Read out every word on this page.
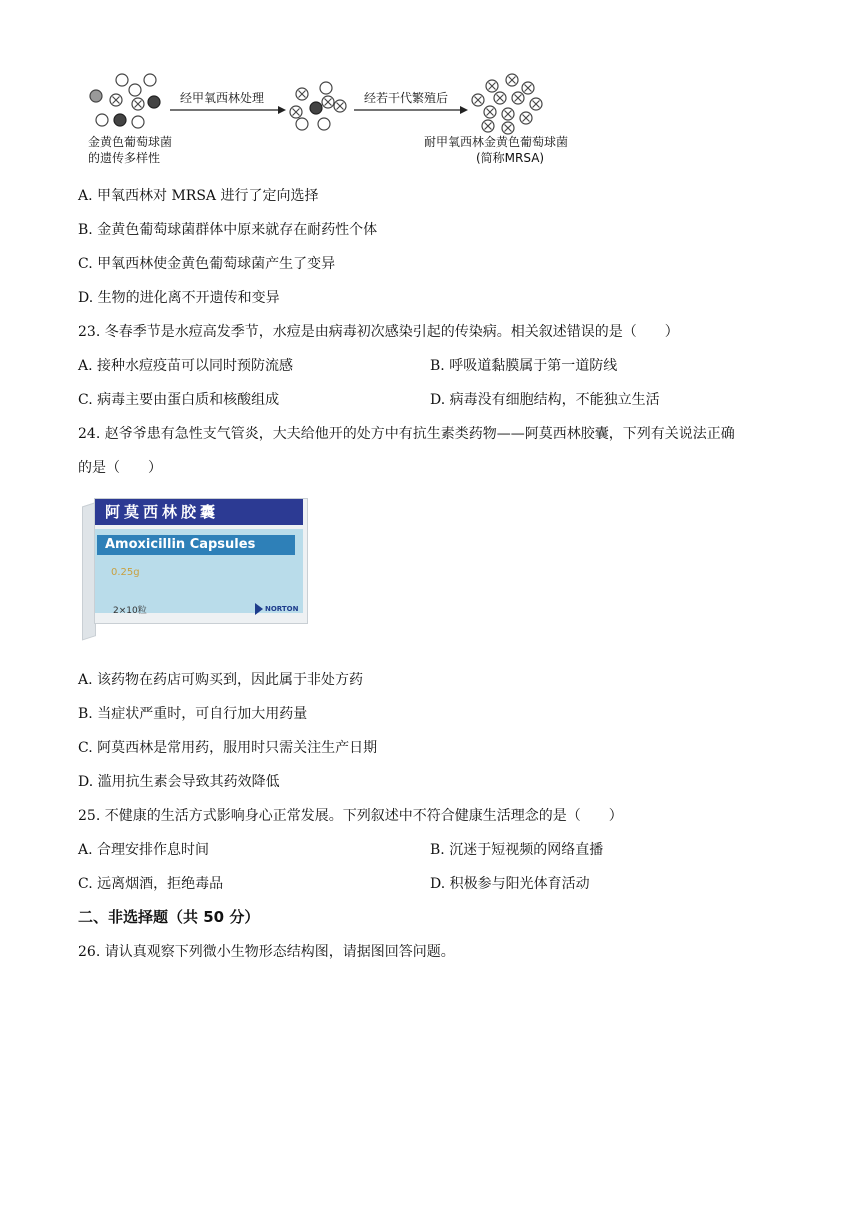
经甲氧西林处理	经若干代繁殖后
金黄色葡萄球菌
的遗传多样性
耐甲氧西林金黄色葡萄球菌
(简称MRSA)
A. 甲氧西林对 MRSA 进行了定向选择
B. 金黄色葡萄球菌群体中原来就存在耐药性个体
C. 甲氧西林使金黄色葡萄球菌产生了变异
D. 生物的进化离不开遗传和变异
23. 冬春季节是水痘高发季节，水痘是由病毒初次感染引起的传染病。相关叙述错误的是（　　）
A. 接种水痘疫苗可以同时预防流感	B. 呼吸道黏膜属于第一道防线
C. 病毒主要由蛋白质和核酸组成	D. 病毒没有细胞结构，不能独立生活
24. 赵爷爷患有急性支气管炎，大夫给他开的处方中有抗生素类药物——阿莫西林胶囊，下列有关说法正确
的是（　　）
阿莫西林胶囊
Amoxicillin Capsules
0.25g
2×10粒	NORTON
A. 该药物在药店可购买到，因此属于非处方药
B. 当症状严重时，可自行加大用药量
C. 阿莫西林是常用药，服用时只需关注生产日期
D. 滥用抗生素会导致其药效降低
25. 不健康的生活方式影响身心正常发展。下列叙述中不符合健康生活理念的是（　　）
A. 合理安排作息时间	B. 沉迷于短视频的网络直播
C. 远离烟酒，拒绝毒品	D. 积极参与阳光体育活动
二、非选择题（共 50 分）
26. 请认真观察下列微小生物形态结构图，请据图回答问题。
